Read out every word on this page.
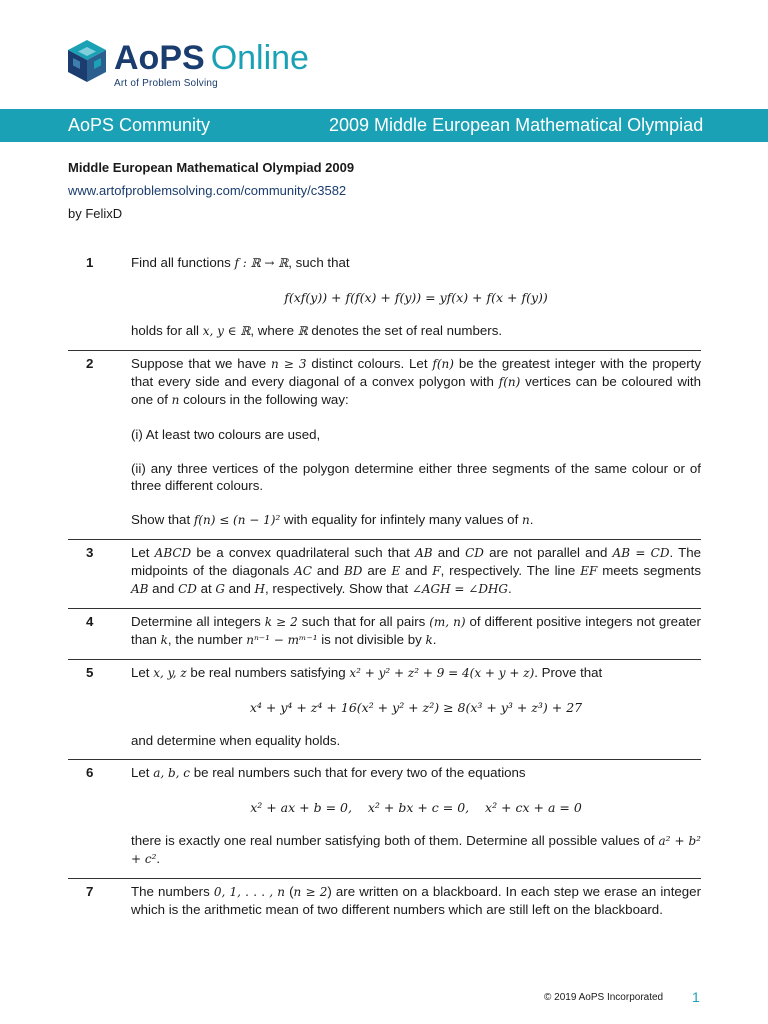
AoPS Online
Art of Problem Solving
AoPS Community	2009 Middle European Mathematical Olympiad
Middle European Mathematical Olympiad 2009
www.artofproblemsolving.com/community/c3582
by FelixD
1	Find all functions f : ℝ → ℝ, such that

f(xf(y)) + f(f(x) + f(y)) = yf(x) + f(x + f(y))

holds for all x, y ∈ ℝ, where ℝ denotes the set of real numbers.

2	Suppose that we have n ≥ 3 distinct colours. Let f(n) be the greatest integer with the property that every side and every diagonal of a convex polygon with f(n) vertices can be coloured with one of n colours in the following way:

(i) At least two colours are used,

(ii) any three vertices of the polygon determine either three segments of the same colour or of three different colours.

Show that f(n) ≤ (n − 1)² with equality for infintely many values of n.

3	Let ABCD be a convex quadrilateral such that AB and CD are not parallel and AB = CD. The midpoints of the diagonals AC and BD are E and F, respectively. The line EF meets segments AB and CD at G and H, respectively. Show that ∠AGH = ∠DHG.

4	Determine all integers k ≥ 2 such that for all pairs (m, n) of different positive integers not greater than k, the number nⁿ⁻¹ − mᵐ⁻¹ is not divisible by k.

5	Let x, y, z be real numbers satisfying x² + y² + z² + 9 = 4(x + y + z). Prove that

x⁴ + y⁴ + z⁴ + 16(x² + y² + z²) ≥ 8(x³ + y³ + z³) + 27

and determine when equality holds.

6	Let a, b, c be real numbers such that for every two of the equations

x² + ax + b = 0,    x² + bx + c = 0,    x² + cx + a = 0

there is exactly one real number satisfying both of them. Determine all possible values of a² + b² + c².

7	The numbers 0, 1, . . . , n (n ≥ 2) are written on a blackboard. In each step we erase an integer which is the arithmetic mean of two different numbers which are still left on the blackboard.

© 2019 AoPS Incorporated 1
